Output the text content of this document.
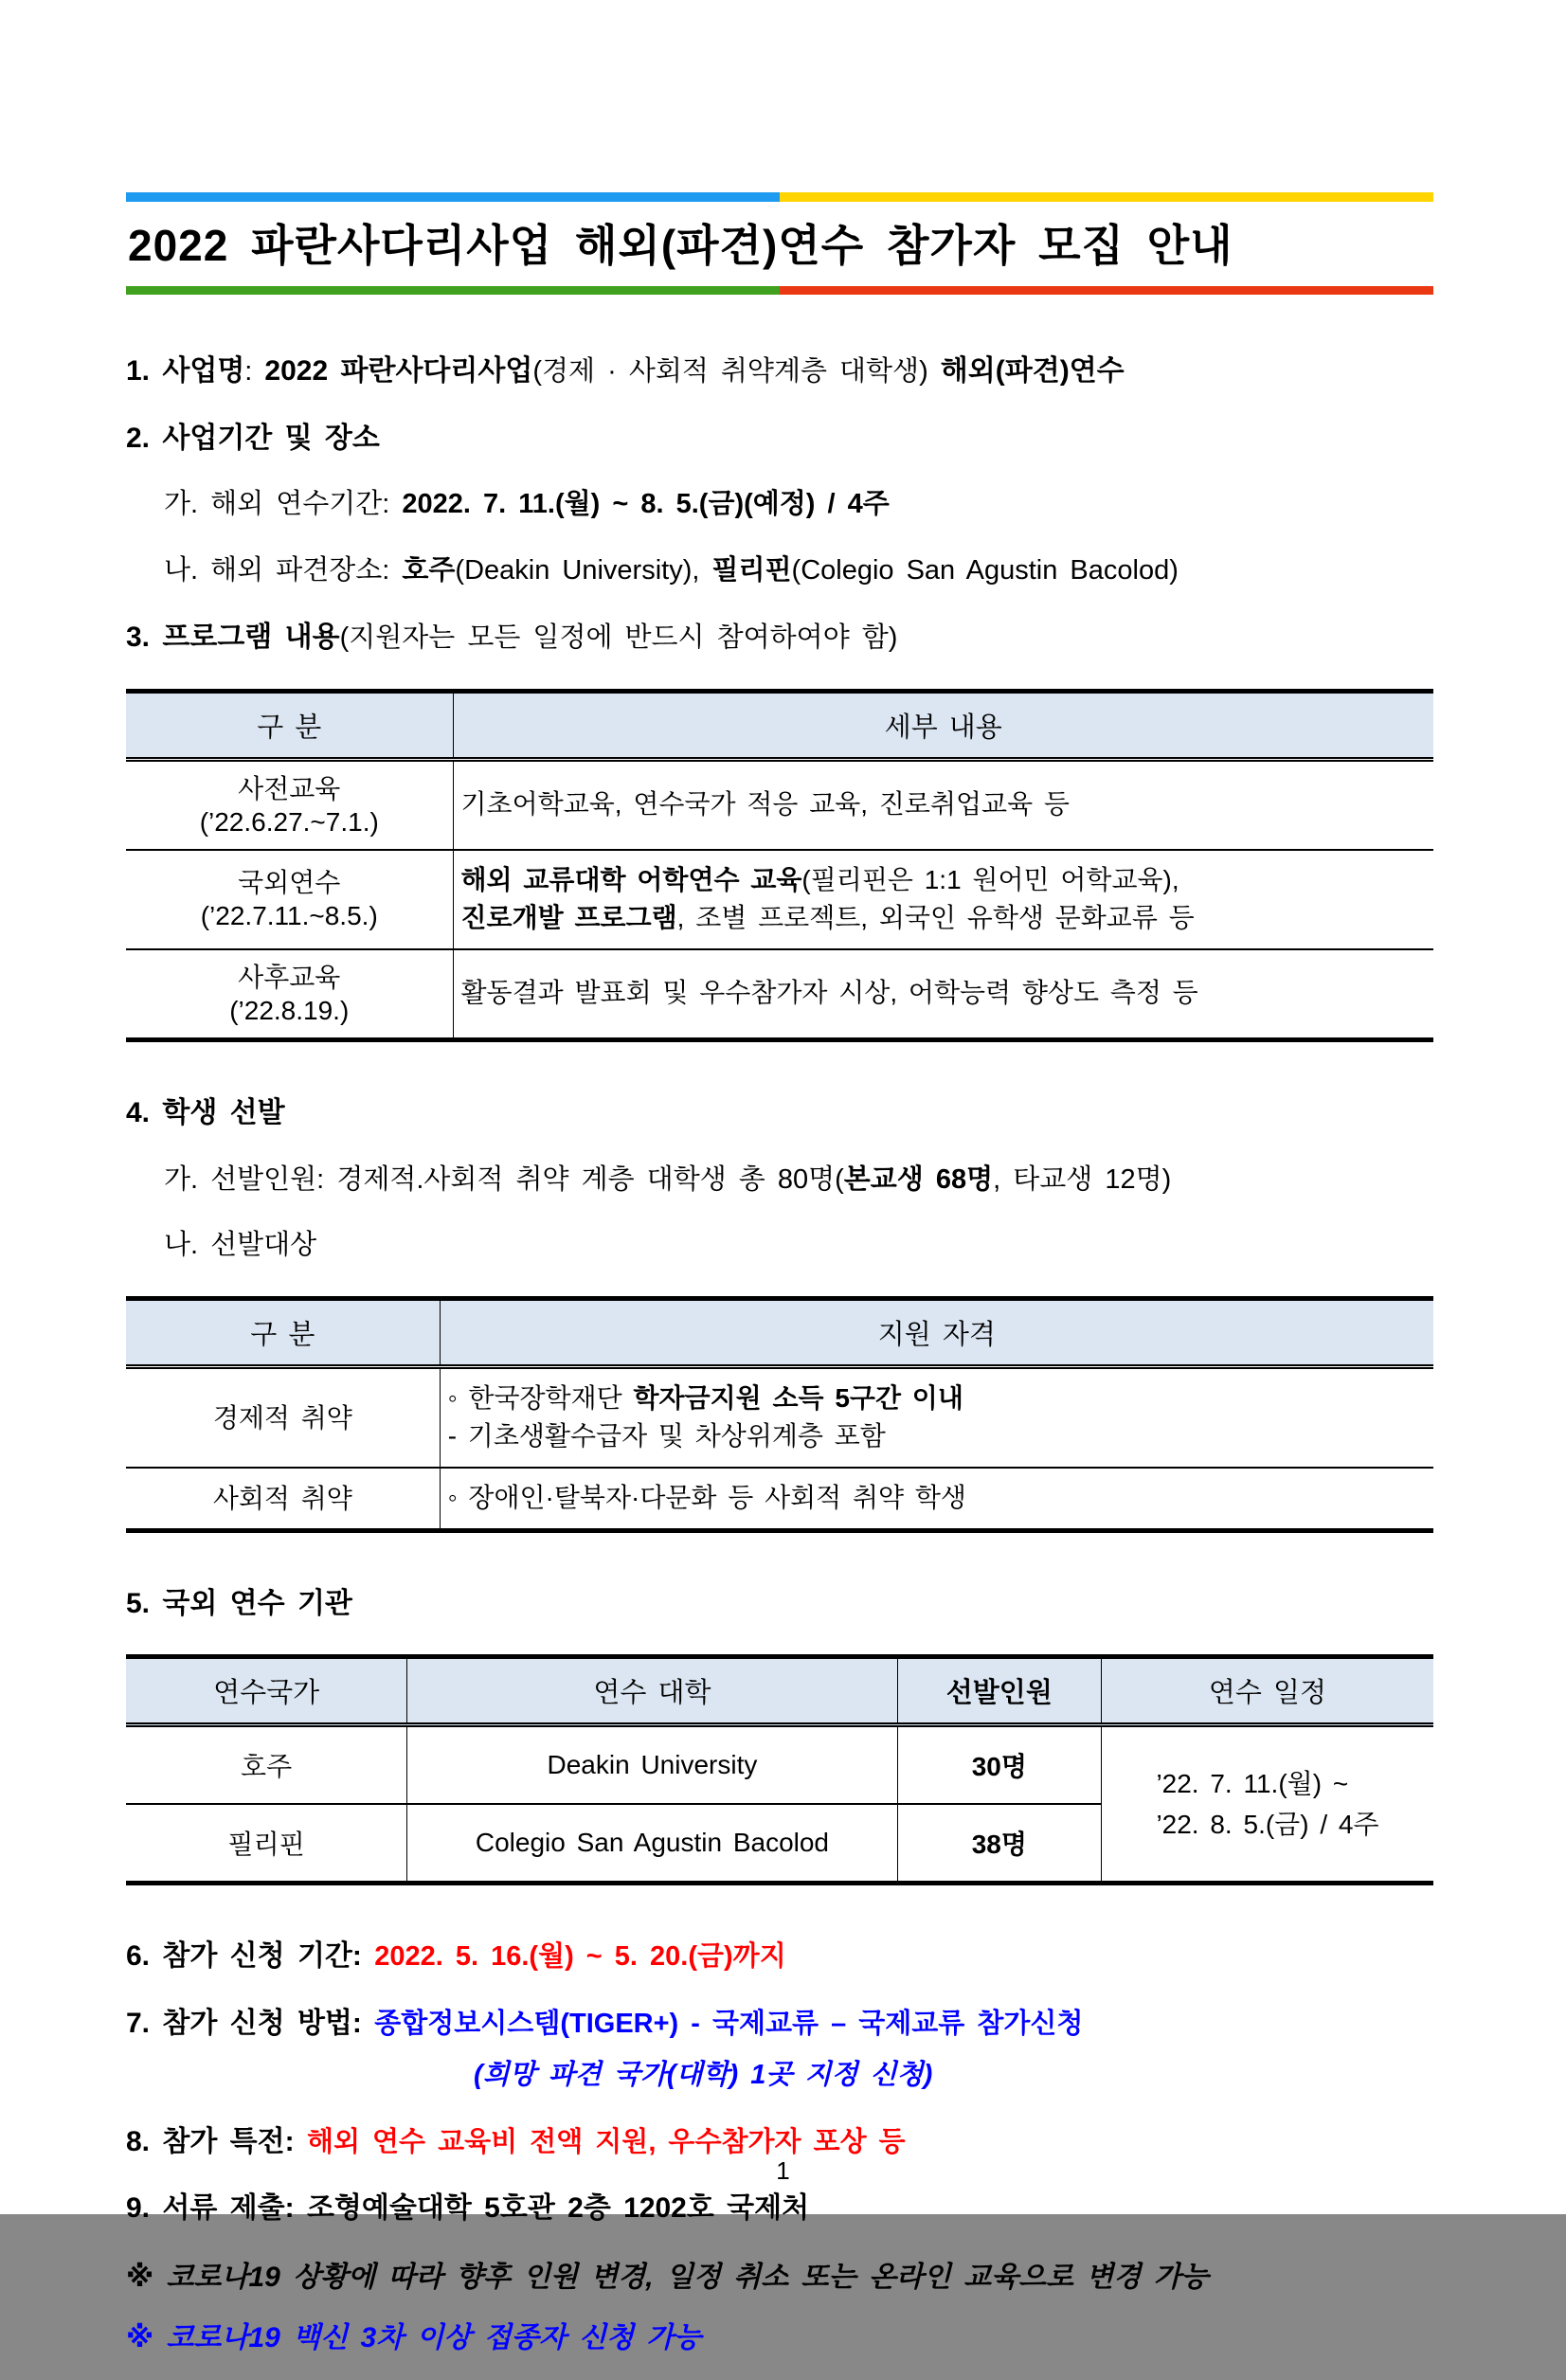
2022 파란사다리사업 해외(파견)연수 참가자 모집 안내

1. 사업명: 2022 파란사다리사업(경제 · 사회적 취약계층 대학생) 해외(파견)연수

2. 사업기간 및 장소

가. 해외 연수기간: 2022. 7. 11.(월) ~ 8. 5.(금)(예정) / 4주

나. 해외 파견장소: 호주(Deakin University), 필리핀(Colegio San Agustin Bacolod)

3. 프로그램 내용(지원자는 모든 일정에 반드시 참여하여야 함)

구 분	세부 내용

사전교육
(’22.6.27.~7.1.)	기초어학교육, 연수국가 적응 교육, 진로취업교육 등

국외연수
(’22.7.11.~8.5.)	해외 교류대학 어학연수 교육(필리핀은 1:1 원어민 어학교육),
진로개발 프로그램, 조별 프로젝트, 외국인 유학생 문화교류 등

사후교육
(’22.8.19.)	활동결과 발표회 및 우수참가자 시상, 어학능력 향상도 측정 등

4. 학생 선발

가. 선발인원: 경제적.사회적 취약 계층 대학생 총 80명(본교생 68명, 타교생 12명)

나. 선발대상

구 분	지원 자격
경제적 취약	◦ 한국장학재단 학자금지원 소득 5구간 이내
- 기초생활수급자 및 차상위계층 포함

사회적 취약	◦ 장애인·탈북자·다문화 등 사회적 취약 학생

5. 국외 연수 기관

연수국가	연수 대학	선발인원	연수 일정
호주	Deakin University	30명	’22. 7. 11.(월) ~
’22. 8. 5.(금) / 4주

필리핀	Colegio San Agustin Bacolod	38명	

6. 참가 신청 기간: 2022. 5. 16.(월) ~ 5. 20.(금)까지

7. 참가 신청 방법: 종합정보시스템(TIGER+) - 국제교류 – 국제교류 참가신청

(희망 파견 국가(대학) 1곳 지정 신청)

8. 참가 특전: 해외 연수 교육비 전액 지원, 우수참가자 포상 등

9. 서류 제출: 조형예술대학 5호관 2층 1202호 국제처

※ 코로나19 상황에 따라 향후 인원 변경, 일정 취소 또는 온라인 교육으로 변경 가능

※ 코로나19 백신 3차 이상 접종자 신청 가능

1
